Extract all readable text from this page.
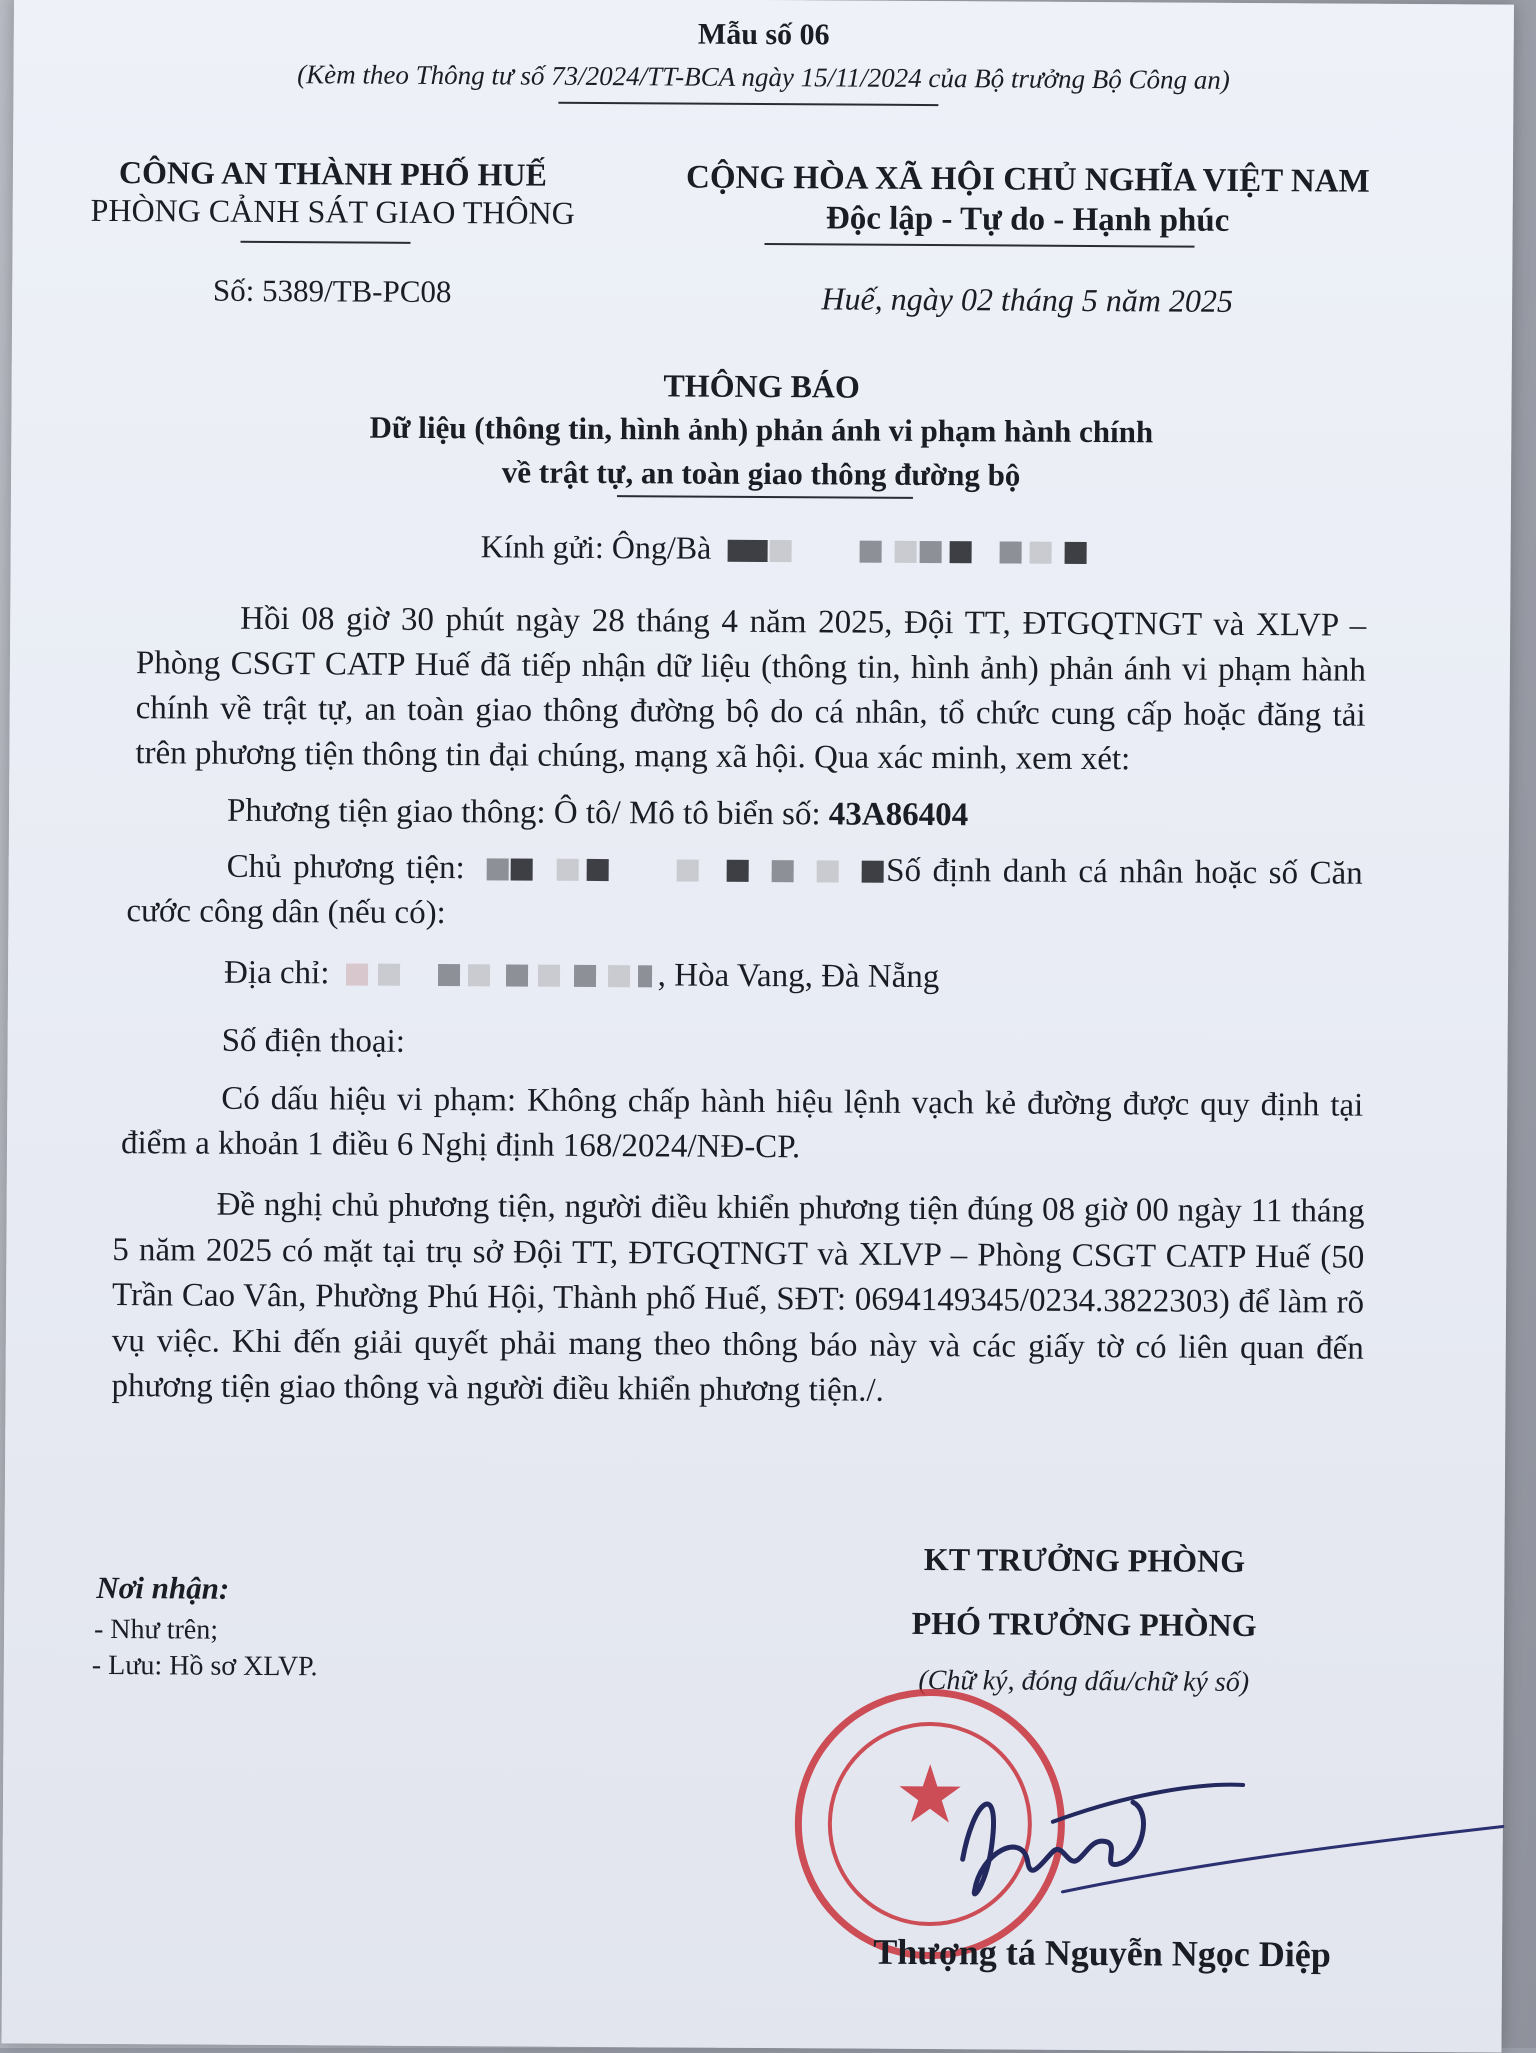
Mẫu số 06
(Kèm theo Thông tư số 73/2024/TT-BCA ngày 15/11/2024 của Bộ trưởng Bộ Công an)
CÔNG AN THÀNH PHỐ HUẾ
PHÒNG CẢNH SÁT GIAO THÔNG
Số: 5389/TB-PC08
CỘNG HÒA XÃ HỘI CHỦ NGHĨA VIỆT NAM
Độc lập - Tự do - Hạnh phúc
Huế, ngày 02 tháng 5 năm 2025
THÔNG BÁO
Dữ liệu (thông tin, hình ảnh) phản ánh vi phạm hành chính
về trật tự, an toàn giao thông đường bộ
Kính gửi: Ông/Bà

Hồi 08 giờ 30 phút ngày 28 tháng 4 năm 2025, Đội TT, ĐTGQTNGT và XLVP – Phòng CSGT CATP Huế đã tiếp nhận dữ liệu (thông tin, hình ảnh) phản ánh vi phạm hành chính về trật tự, an toàn giao thông đường bộ do cá nhân, tổ chức cung cấp hoặc đăng tải trên phương tiện thông tin đại chúng, mạng xã hội. Qua xác minh, xem xét:

Phương tiện giao thông: Ô tô/ Mô tô biển số: 43A86404

Chủ phương tiện:	Số định danh cá nhân hoặc số Căn cước công dân (nếu có):

Địa chỉ:	, Hòa Vang, Đà Nẵng
Số điện thoại:

Có dấu hiệu vi phạm: Không chấp hành hiệu lệnh vạch kẻ đường được quy định tại điểm a khoản 1 điều 6 Nghị định 168/2024/NĐ-CP.

Đề nghị chủ phương tiện, người điều khiển phương tiện đúng 08 giờ 00 ngày 11 tháng 5 năm 2025 có mặt tại trụ sở Đội TT, ĐTGQTNGT và XLVP – Phòng CSGT CATP Huế (50 Trần Cao Vân, Phường Phú Hội, Thành phố Huế, SĐT: 0694149345/0234.3822303) để làm rõ vụ việc. Khi đến giải quyết phải mang theo thông báo này và các giấy tờ có liên quan đến phương tiện giao thông và người điều khiển phương tiện./.

Nơi nhận:
- Như trên;
- Lưu: Hồ sơ XLVP.
KT TRƯỞNG PHÒNG
PHÓ TRƯỞNG PHÒNG
(Chữ ký, đóng dấu/chữ ký số)
★
Thượng tá Nguyễn Ngọc Diệp
